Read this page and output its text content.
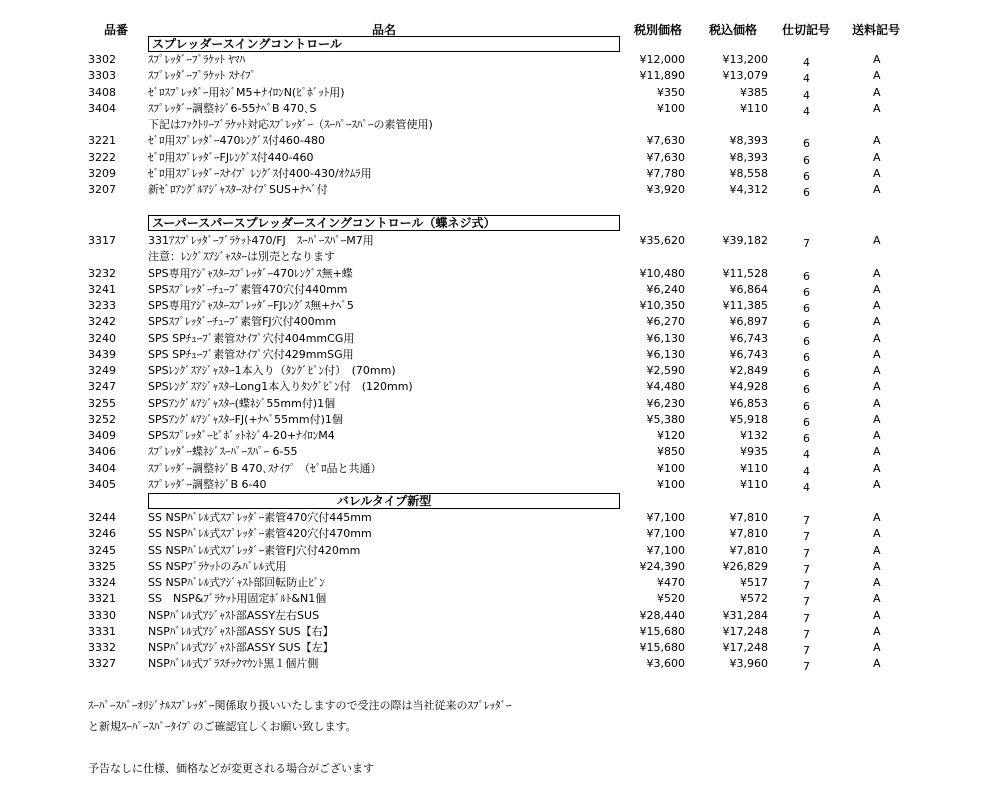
品番	品名	税別価格 税込価格 仕切記号 送料記号
スプレッダースイングコントロール
3302	ｽﾌﾟﾚｯﾀﾞｰﾌﾞﾗｹｯﾄ ﾔﾏﾊ	¥12,000	¥13,200	4	A
3303	ｽﾌﾟﾚｯﾀﾞｰﾌﾞﾗｹｯﾄ ｽﾅｲﾌﾟ	¥11,890	¥13,079	4	A
3408	ｾﾞﾛｽﾌﾟﾚｯﾀﾞｰ用ﾈｼﾞM5+ﾅｲﾛﾝN(ﾋﾟﾎﾞｯﾄ用)	¥350	¥385	4	A
3404	ｽﾌﾟﾚｯﾀﾞｰ調整ﾈｼﾞ6-55ﾅﾍﾞB 470､S	¥100	¥110	4	A
下記はﾌｧｸﾄﾘｰﾌﾞﾗｹｯﾄ対応ｽﾌﾟﾚｯﾀﾞｰ（ｽｰﾊﾟｰｽﾊﾟｰの素管使用)
3221	ｾﾞﾛ用ｽﾌﾟﾚｯﾀﾞｰ470ﾚﾝｸﾞｽ付460-480	¥7,630	¥8,393	6	A
3222	ｾﾞﾛ用ｽﾌﾟﾚｯﾀﾞｰFJﾚﾝｸﾞｽ付440-460	¥7,630	¥8,393	6	A
3209	ｾﾞﾛ用ｽﾌﾟﾚｯﾀﾞｰｽﾅｲﾌﾟ ﾚﾝｸﾞｽ付400-430/ｵｸﾑﾗ用	¥7,780	¥8,558	6	A
3207	新ｾﾞﾛｱﾝｸﾞﾙｱｼﾞｬｽﾀｰｽﾅｲﾌﾟSUS+ﾅﾍﾞ付	¥3,920	¥4,312	6	A
スーパースパースプレッダースイングコントロール（蝶ネジ式）
3317	331ｱｽﾌﾟﾚｯﾀﾞｰﾌﾞﾗｹｯﾄ470/FJ　ｽｰﾊﾟｰｽﾊﾟｰM7用	¥35,620	¥39,182	7	A
注意：ﾚﾝｸﾞｽｱｼﾞｬｽﾀｰは別売となります
3232	SPS専用ｱｼﾞｬｽﾀｰｽﾌﾟﾚｯﾀﾞｰ470ﾚﾝｸﾞｽ無+蝶	¥10,480	¥11,528	6	A
3241	SPSｽﾌﾟﾚｯﾀﾞｰﾁｭｰﾌﾞ素管470穴付440mm	¥6,240	¥6,864	6	A
3233	SPS専用ｱｼﾞｬｽﾀｰｽﾌﾟﾚｯﾀﾞｰFJﾚﾝｸﾞｽ無+ﾅﾍﾞ5	¥10,350	¥11,385	6	A
3242	SPSｽﾌﾟﾚｯﾀﾞｰﾁｭｰﾌﾞ素管FJ穴付400mm	¥6,270	¥6,897	6	A
3240	SPS SPﾁｭｰﾌﾞ素管ｽﾅｲﾌﾟ穴付404mmCG用	¥6,130	¥6,743	6	A
3439	SPS SPﾁｭｰﾌﾞ素管ｽﾅｲﾌﾟ穴付429mmSG用	¥6,130	¥6,743	6	A
3249	SPSﾚﾝｸﾞｽｱｼﾞｬｽﾀｰ1本入り（ﾀﾝｸﾞﾋﾟﾝ付）　(70mm)	¥2,590	¥2,849	6	A
3247	SPSﾚﾝｸﾞｽｱｼﾞｬｽﾀｰLong1本入りﾀﾝｸﾞﾋﾟﾝ付　(120mm)	¥4,480	¥4,928	6	A
3255	SPSｱﾝｸﾞﾙｱｼﾞｬｽﾀｰ(蝶ﾈｼﾞ55mm付)1個	¥6,230	¥6,853	6	A
3252	SPSｱﾝｸﾞﾙｱｼﾞｬｽﾀｰFJ(+ﾅﾍﾞ55mm付)1個	¥5,380	¥5,918	6	A
3409	SPSｽﾌﾟﾚｯﾀﾞｰﾋﾟﾎﾞｯﾄﾈｼﾞ4-20+ﾅｲﾛﾝM4	¥120	¥132	6	A
3406	ｽﾌﾟﾚｯﾀﾞｰ蝶ﾈｼﾞｽｰﾊﾟｰｽﾊﾟｰ 6-55	¥850	¥935	4	A
3404	ｽﾌﾟﾚｯﾀﾞｰ調整ﾈｼﾞB 470､ｽﾅｲﾌﾟ （ｾﾞﾛ品と共通）	¥100	¥110	4	A
3405	ｽﾌﾟﾚｯﾀﾞｰ調整ﾈｼﾞB 6-40	¥100	¥110	4	A
バレルタイプ新型
3244	SS NSPﾊﾞﾚﾙ式ｽﾌﾟﾚｯﾀﾞｰ素管470穴付445mm	¥7,100	¥7,810	7	A
3246	SS NSPﾊﾞﾚﾙ式ｽﾌﾟﾚｯﾀﾞｰ素管420穴付470mm	¥7,100	¥7,810	7	A
3245	SS NSPﾊﾞﾚﾙ式ｽﾌﾟﾚｯﾀﾞｰ素管FJ穴付420mm	¥7,100	¥7,810	7	A
3325	SS NSPﾌﾞﾗｹｯﾄのみﾊﾞﾚﾙ式用	¥24,390	¥26,829	7	A
3324	SS NSPﾊﾞﾚﾙ式ｱｼﾞｬｽﾄ部回転防止ﾋﾟﾝ	¥470	¥517	7	A
3321	SS　NSP&ﾌﾞﾗｹｯﾄ用固定ﾎﾞﾙﾄ&N1個	¥520	¥572	7	A
3330	NSPﾊﾞﾚﾙ式ｱｼﾞｬｽﾄ部ASSY左右SUS	¥28,440	¥31,284	7	A
3331	NSPﾊﾞﾚﾙ式ｱｼﾞｬｽﾄ部ASSY SUS【右】	¥15,680	¥17,248	7	A
3332	NSPﾊﾞﾚﾙ式ｱｼﾞｬｽﾄ部ASSY SUS【左】	¥15,680	¥17,248	7	A
3327	NSPﾊﾞﾚﾙ式ﾌﾟﾗｽﾁｯｸﾏｳﾝﾄ黒１個片側	¥3,600	¥3,960	7	A
ｽｰﾊﾟｰｽﾊﾟｰｵﾘｼﾞﾅﾙｽﾌﾟﾚｯﾀﾞｰ関係取り扱いいたしますので受注の際は当社従来のｽﾌﾟﾚｯﾀﾞｰ
と新規ｽｰﾊﾟｰｽﾊﾟｰﾀｲﾌﾟのご確認宜しくお願い致します。
予告なしに仕様、価格などが変更される場合がございます
